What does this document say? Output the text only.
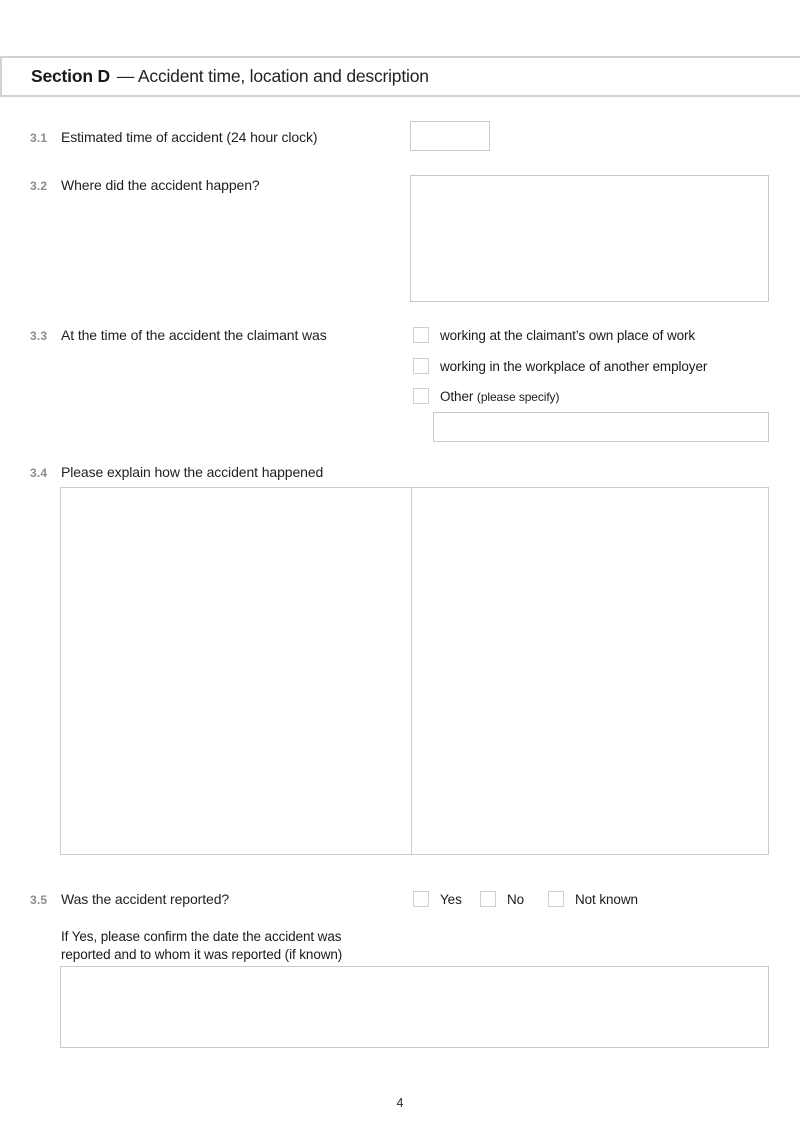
Section D — Accident time, location and description
3.1 Estimated time of accident (24 hour clock)
3.2 Where did the accident happen?
3.3 At the time of the accident the claimant was	working at the claimant’s own place of work
working in the workplace of another employer
Other (please specify)
3.4 Please explain how the accident happened
3.5 Was the accident reported?	Yes	No	Not known
If Yes, please confirm the date the accident was
reported and to whom it was reported (if known)
4
